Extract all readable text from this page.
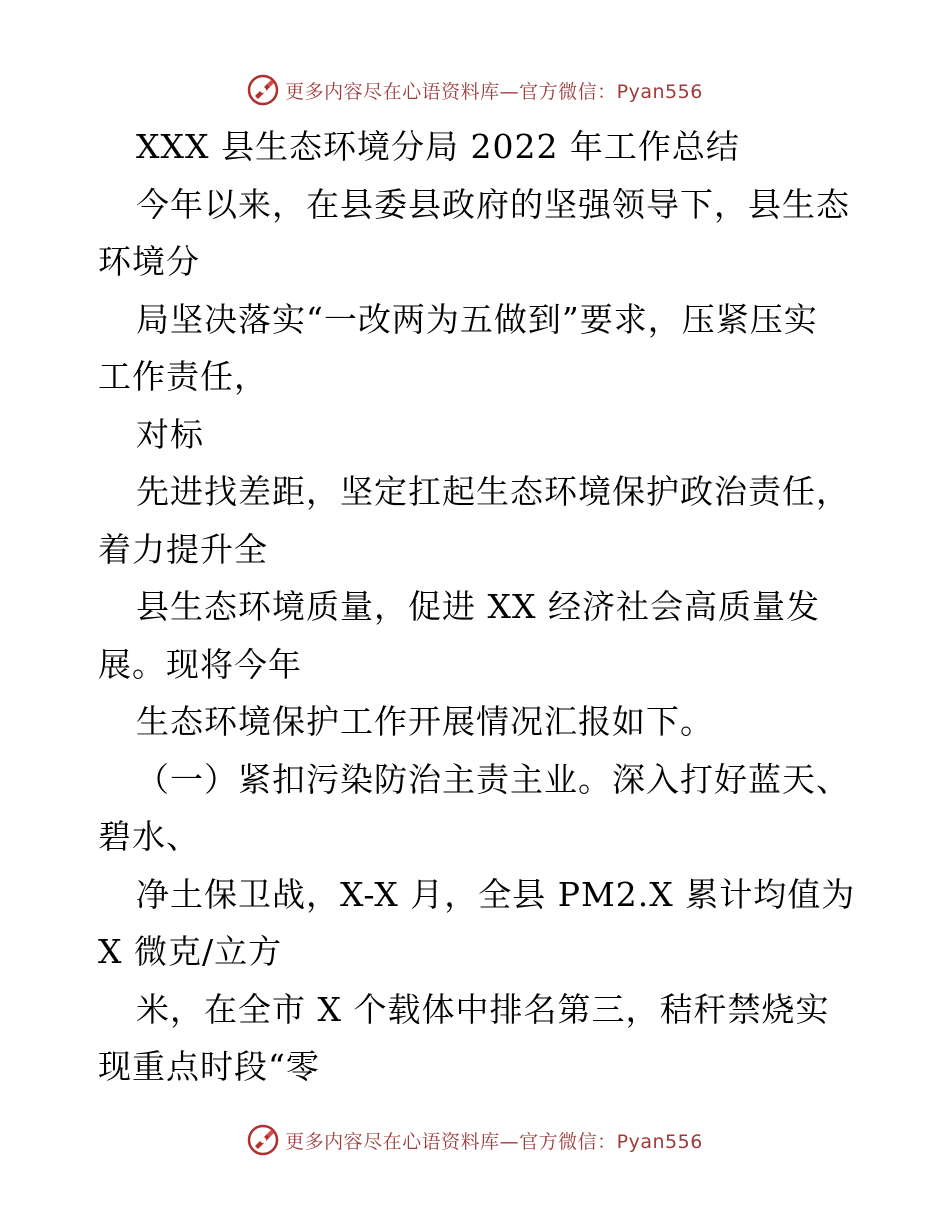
更多内容尽在心语资料库—官方微信：Pyan556
XXX 县生态环境分局 2022 年工作总结
今年以来，在县委县政府的坚强领导下，县生态
环境分
局坚决落实“一改两为五做到”要求，压紧压实
工作责任，
对标
先进找差距，坚定扛起生态环境保护政治责任，
着力提升全
县生态环境质量，促进 XX 经济社会高质量发
展。现将今年
生态环境保护工作开展情况汇报如下。
（一）紧扣污染防治主责主业。深入打好蓝天、
碧水、
净土保卫战，X-X 月，全县 PM2.X 累计均值为
X 微克/立方
米，在全市 X 个载体中排名第三，秸秆禁烧实
现重点时段“零
更多内容尽在心语资料库—官方微信：Pyan556
